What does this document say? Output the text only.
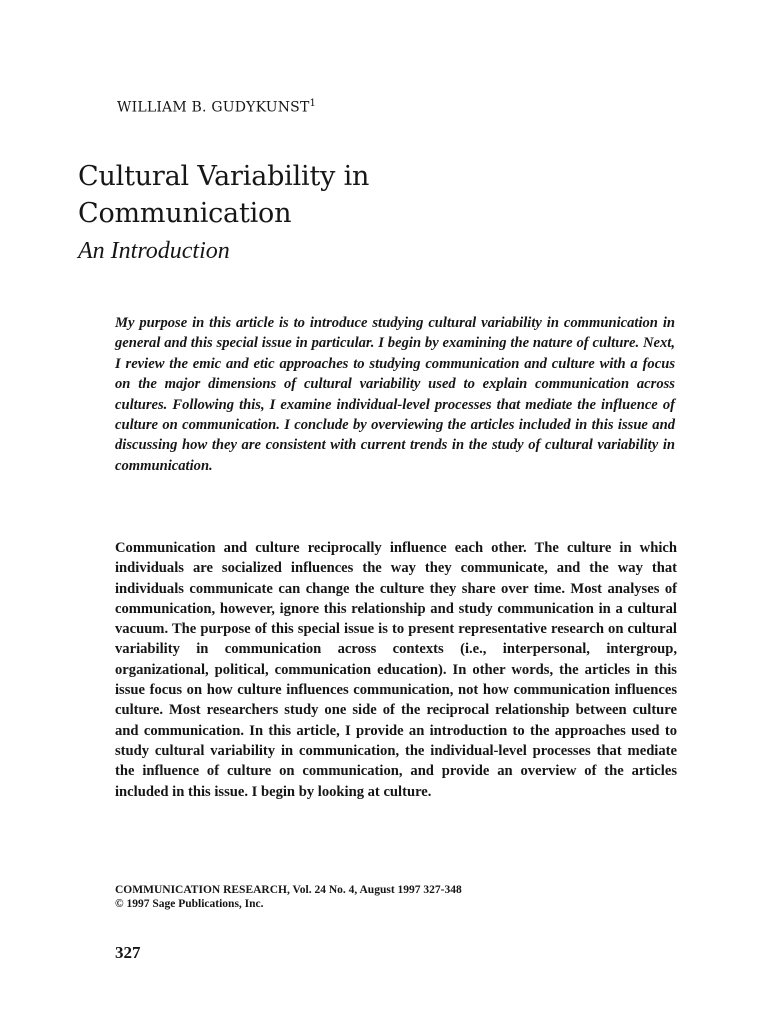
WILLIAM B. GUDYKUNST$^1$

Cultural Variability in Communication
An Introduction

My purpose in this article is to introduce studying cultural variability in communication in general and this special issue in particular. I begin by examining the nature of culture. Next, I review the emic and etic approaches to studying communication and culture with a focus on the major dimensions of cultural variability used to explain communication across cultures. Following this, I examine individual-level processes that mediate the influence of culture on communication. I conclude by overviewing the articles included in this issue and discussing how they are consistent with current trends in the study of cultural variability in communication.

Communication and culture reciprocally influence each other. The culture in which individuals are socialized influences the way they communicate, and the way that individuals communicate can change the culture they share over time. Most analyses of communication, however, ignore this relationship and study communication in a cultural vacuum. The purpose of this special issue is to present representative research on cultural variability in communication across contexts (i.e., interpersonal, intergroup, organizational, political, communication education). In other words, the articles in this issue focus on how culture influences communication, not how communication influences culture. Most researchers study one side of the reciprocal relationship between culture and communication. In this article, I provide an introduction to the approaches used to study cultural variability in communication, the individual-level processes that mediate the influence of culture on communication, and provide an overview of the articles included in this issue. I begin by looking at culture.

COMMUNICATION RESEARCH, Vol. 24 No. 4, August 1997 327-348
© 1997 Sage Publications, Inc.

327
